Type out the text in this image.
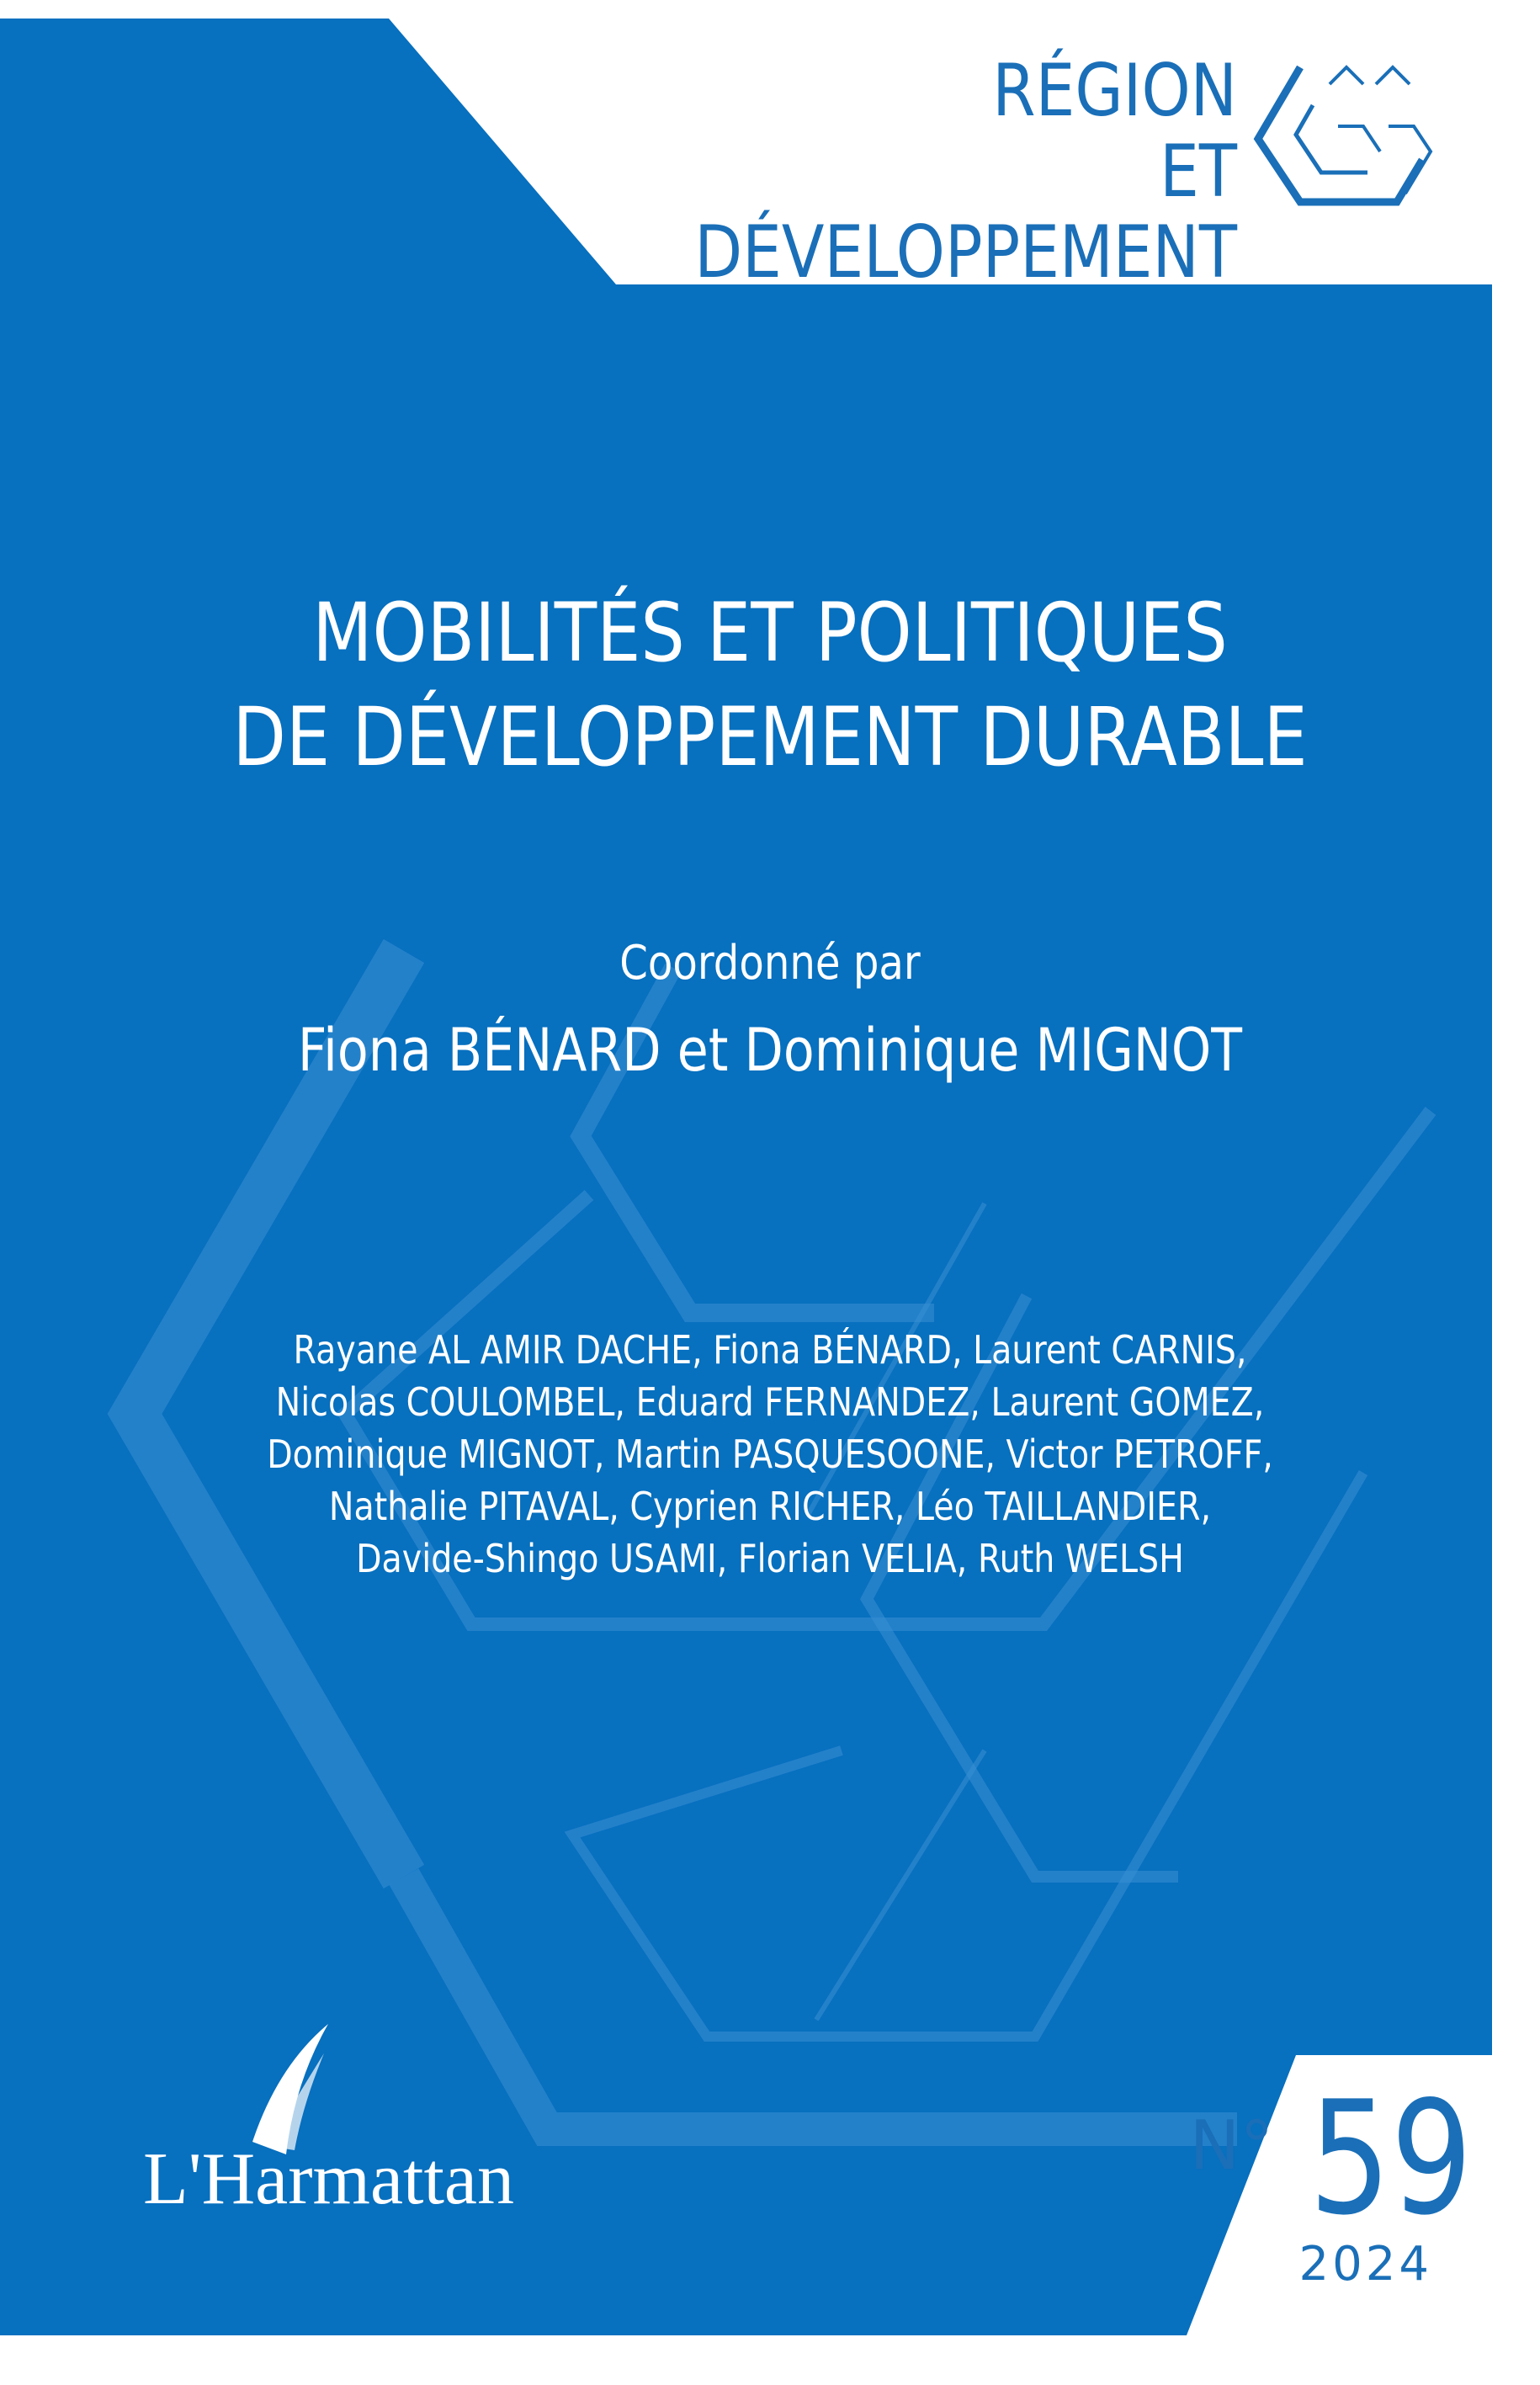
RÉGION
ET DÉVELOPPEMENT
MOBILITÉS ET POLITIQUES
DE DÉVELOPPEMENT DURABLE
Coordonné par
Fiona BÉNARD et Dominique MIGNOT
Rayane AL AMIR DACHE, Fiona BÉNARD, Laurent CARNIS,
Nicolas COULOMBEL, Eduard FERNANDEZ, Laurent GOMEZ,
Dominique MIGNOT, Martin PASQUESOONE, Victor PETROFF,
Nathalie PITAVAL, Cyprien RICHER, Léo TAILLANDIER,
Davide-Shingo USAMI, Florian VELIA, Ruth WELSH
L'Harmattan	N° 59
2024
